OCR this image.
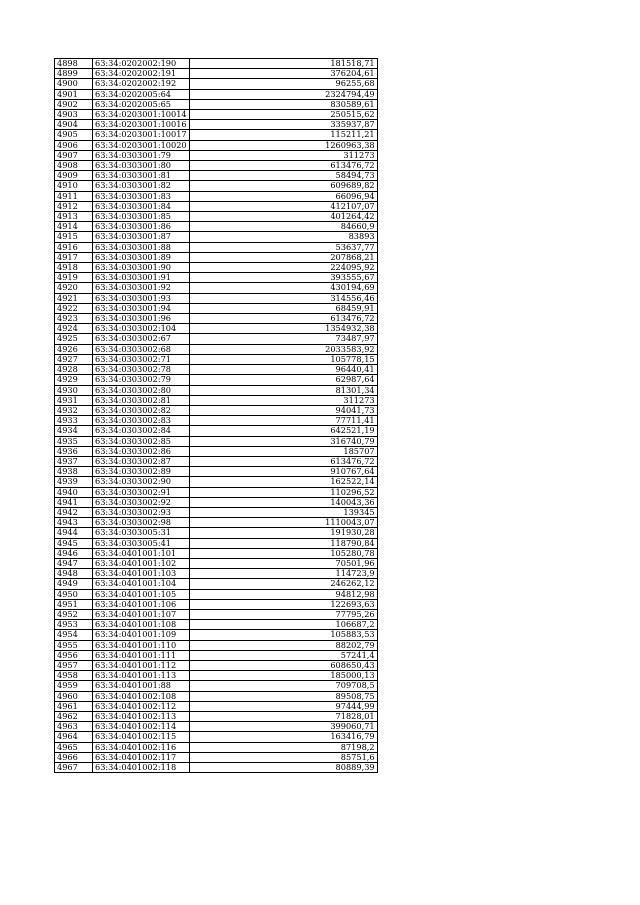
4898	63:34:0202002:190	181518,71
4899	63:34:0202002:191	376204,61
4900	63:34:0202002:192	96255,68
4901	63:34:0202005:64	2324794,49
4902	63:34:0202005:65	830589,61
4903	63:34:0203001:10014	250515,62
4904	63:34:0203001:10016	335937,87
4905	63:34:0203001:10017	115211,21
4906	63:34:0203001:10020	1260963,38
4907	63:34:0303001:79	311273
4908	63:34:0303001:80	613476,72
4909	63:34:0303001:81	58494,73
4910	63:34:0303001:82	609689,82
4911	63:34:0303001:83	66096,94
4912	63:34:0303001:84	412107,07
4913	63:34:0303001:85	401264,42
4914	63:34:0303001:86	84660,9
4915	63:34:0303001:87	83893
4916	63:34:0303001:88	53637,77
4917	63:34:0303001:89	207868,21
4918	63:34:0303001:90	224095,92
4919	63:34:0303001:91	393555,67
4920	63:34:0303001:92	430194,69
4921	63:34:0303001:93	314556,46
4922	63:34:0303001:94	68459,91
4923	63:34:0303001:96	613476,72
4924	63:34:0303002:104	1354932,38
4925	63:34:0303002:67	73487,97
4926	63:34:0303002:68	2033583,92
4927	63:34:0303002:71	105778,15
4928	63:34:0303002:78	96440,41
4929	63:34:0303002:79	62987,64
4930	63:34:0303002:80	81301,34
4931	63:34:0303002:81	311273
4932	63:34:0303002:82	94041,73
4933	63:34:0303002:83	77711,41
4934	63:34:0303002:84	642521,19
4935	63:34:0303002:85	316740,79
4936	63:34:0303002:86	185707
4937	63:34:0303002:87	613476,72
4938	63:34:0303002:89	910767,64
4939	63:34:0303002:90	162522,14
4940	63:34:0303002:91	110296,52
4941	63:34:0303002:92	140043,36
4942	63:34:0303002:93	139345
4943	63:34:0303002:98	1110043,07
4944	63:34:0303005:31	191930,28
4945	63:34:0303005:41	118790,84
4946	63:34:0401001:101	105280,78
4947	63:34:0401001:102	70501,96
4948	63:34:0401001:103	114723,9
4949	63:34:0401001:104	246262,12
4950	63:34:0401001:105	94812,98
4951	63:34:0401001:106	122693,63
4952	63:34:0401001:107	77795,26
4953	63:34:0401001:108	106687,2
4954	63:34:0401001:109	105883,53
4955	63:34:0401001:110	88202,79
4956	63:34:0401001:111	57241,4
4957	63:34:0401001:112	608650,43
4958	63:34:0401001:113	185000,13
4959	63:34:0401001:88	709708,5
4960	63:34:0401002:108	89508,75
4961	63:34:0401002:112	97444,99
4962	63:34:0401002:113	71828,01
4963	63:34:0401002:114	399060,71
4964	63:34:0401002:115	163416,79
4965	63:34:0401002:116	87198,2
4966	63:34:0401002:117	85751,6
4967	63:34:0401002:118	80889,39
